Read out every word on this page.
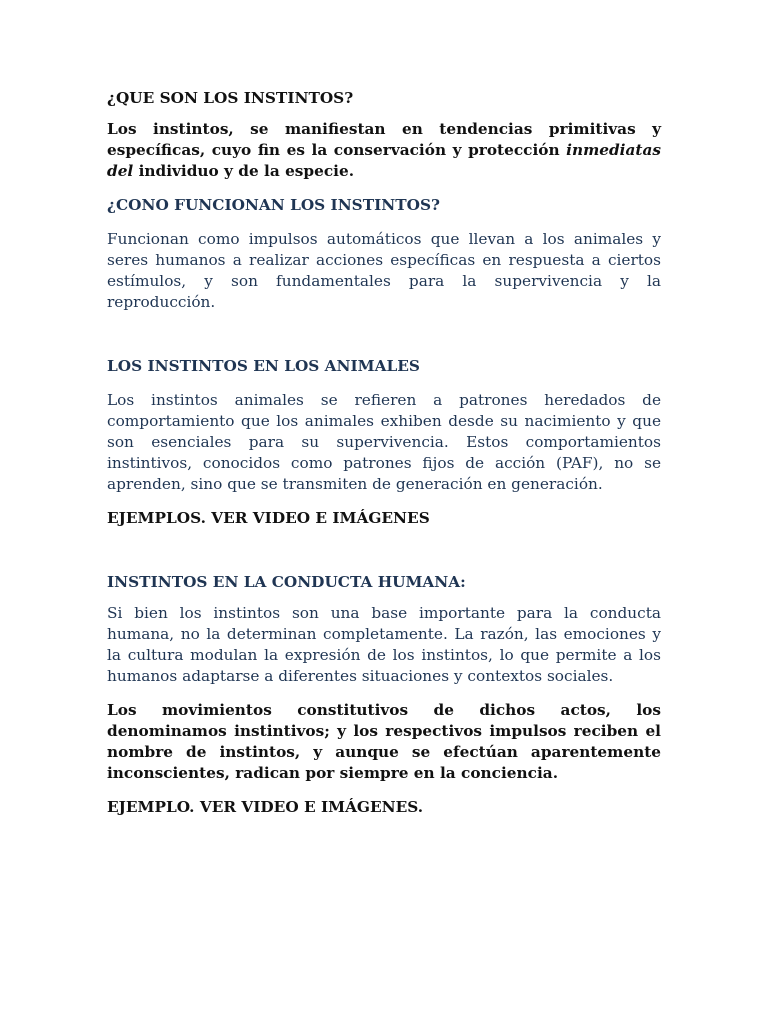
¿QUE SON LOS INSTINTOS?

Los instintos, se manifiestan en tendencias primitivas y específicas, cuyo fin es la conservación y protección inmediatas del individuo y de la especie.

¿CONO FUNCIONAN LOS INSTINTOS?

Funcionan como impulsos automáticos que llevan a los animales y seres humanos a realizar acciones específicas en respuesta a ciertos estímulos, y son fundamentales para la supervivencia y la reproducción.

LOS INSTINTOS EN LOS ANIMALES

Los instintos animales se refieren a patrones heredados de comportamiento que los animales exhiben desde su nacimiento y que son esenciales para su supervivencia. Estos comportamientos instintivos, conocidos como patrones fijos de acción (PAF), no se aprenden, sino que se transmiten de generación en generación.

EJEMPLOS. VER VIDEO E IMÁGENES

INSTINTOS EN LA CONDUCTA HUMANA:

Si bien los instintos son una base importante para la conducta humana, no la determinan completamente. La razón, las emociones y la cultura modulan la expresión de los instintos, lo que permite a los humanos adaptarse a diferentes situaciones y contextos sociales.

Los movimientos constitutivos de dichos actos, los denominamos instintivos; y los respectivos impulsos reciben el nombre de instintos, y aunque se efectúan aparentemente inconscientes, radican por siempre en la conciencia.

EJEMPLO. VER VIDEO E IMÁGENES.
